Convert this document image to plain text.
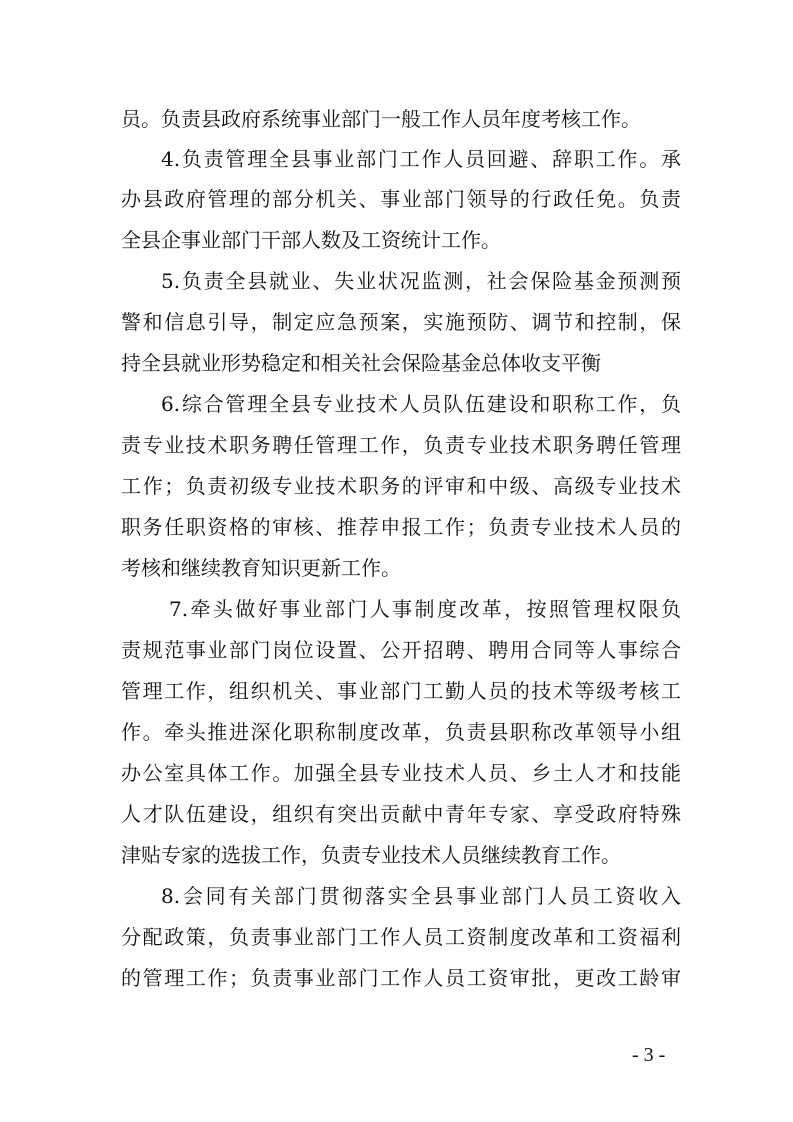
员。负责县政府系统事业部门一般工作人员年度考核工作。
4.负责管理全县事业部门工作人员回避、辞职工作。承
办县政府管理的部分机关、事业部门领导的行政任免。负责
全县企事业部门干部人数及工资统计工作。
5.负责全县就业、失业状况监测，社会保险基金预测预
警和信息引导，制定应急预案，实施预防、调节和控制，保
持全县就业形势稳定和相关社会保险基金总体收支平衡
6.综合管理全县专业技术人员队伍建设和职称工作，负
责专业技术职务聘任管理工作，负责专业技术职务聘任管理
工作；负责初级专业技术职务的评审和中级、高级专业技术
职务任职资格的审核、推荐申报工作；负责专业技术人员的
考核和继续教育知识更新工作。
7.牵头做好事业部门人事制度改革，按照管理权限负
责规范事业部门岗位设置、公开招聘、聘用合同等人事综合
管理工作，组织机关、事业部门工勤人员的技术等级考核工
作。牵头推进深化职称制度改革，负责县职称改革领导小组
办公室具体工作。加强全县专业技术人员、乡土人才和技能
人才队伍建设，组织有突出贡献中青年专家、享受政府特殊
津贴专家的选拔工作，负责专业技术人员继续教育工作。
8.会同有关部门贯彻落实全县事业部门人员工资收入
分配政策，负责事业部门工作人员工资制度改革和工资福利
的管理工作；负责事业部门工作人员工资审批，更改工龄审
- 3 -
